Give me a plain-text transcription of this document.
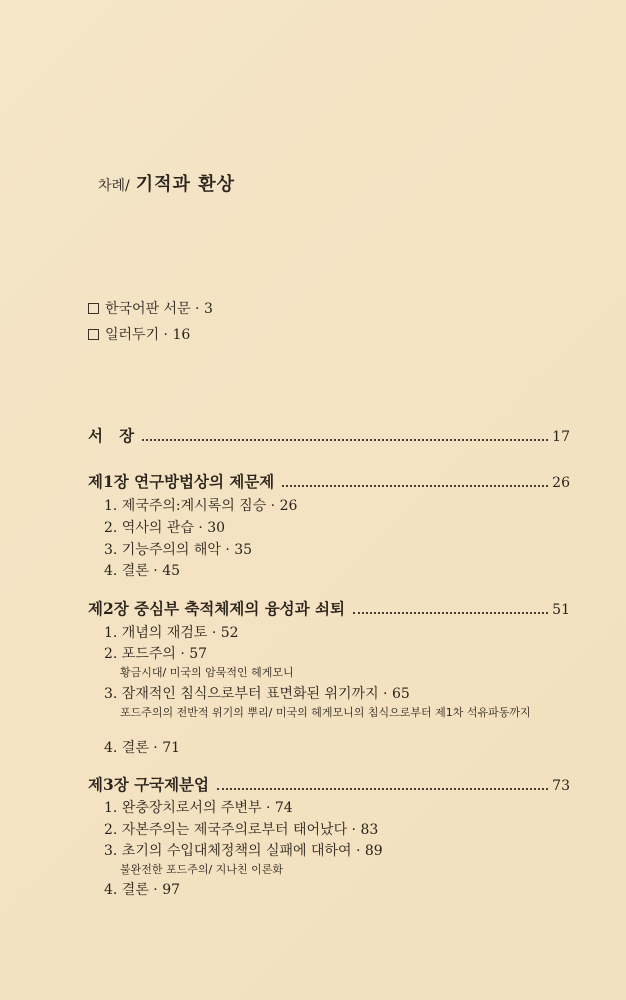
차례/ 기적과 환상
한국어판 서문 · 3
일러두기 · 16
서   장	17
제1장 연구방법상의 제문제	26
1. 제국주의:계시록의 짐승 · 26
2. 역사의 관습 · 30
3. 기능주의의 해악 · 35
4. 결론 · 45
제2장 중심부 축적체제의 융성과 쇠퇴	51
1. 개념의 재검토 · 52
2. 포드주의 · 57
황금시대/ 미국의 암묵적인 헤게모니
3. 잠재적인 침식으로부터 표면화된 위기까지 · 65
포드주의의 전반적 위기의 뿌리/ 미국의 헤게모니의 침식으로부터 제1차 석유파동까지
4. 결론 · 71
제3장 구국제분업	73
1. 완충장치로서의 주변부 · 74
2. 자본주의는 제국주의로부터 태어났다 · 83
3. 초기의 수입대체정책의 실패에 대하여 · 89
불완전한 포드주의/ 지나친 이론화
4. 결론 · 97
